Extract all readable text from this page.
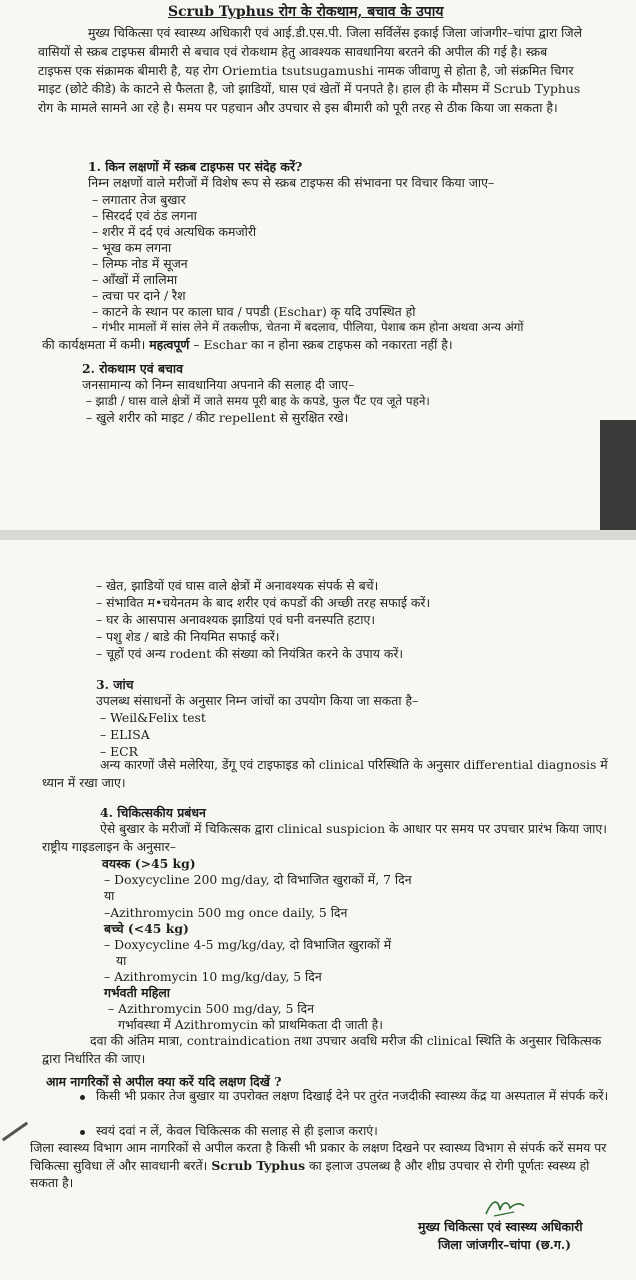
Scrub Typhus रोग के रोकथाम, बचाव के उपाय
मुख्य चिकित्सा एवं स्वास्थ्य अधिकारी एवं आई.डी.एस.पी. जिला सर्विलेंस इकाई जिला जांजगीर–चांपा द्वारा जिले वासियों से स्क्रब टाइफस बीमारी से बचाव एवं रोकथाम हेतु आवश्यक सावधानिया बरतने की अपील की गई है। स्क्रब टाइफस एक संक्रामक बीमारी है, यह रोग Oriemtia tsutsugamushi नामक जीवाणु से होता है, जो संक्रमित चिगर माइट (छोटे कीडे) के काटने से फैलता है, जो झाडियों, घास एवं खेतों में पनपते है। हाल ही के मौसम में Scrub Typhus रोग के मामले सामने आ रहे है। समय पर पहचान और उपचार से इस बीमारी को पूरी तरह से ठीक किया जा सकता है।
1. किन लक्षणों में स्क्रब टाइफस पर संदेह करें?
निम्न लक्षणों वाले मरीजों में विशेष रूप से स्क्रब टाइफस की संभावना पर विचार किया जाए–
– लगातार तेज बुखार
– सिरदर्द एवं ठंड लगना
– शरीर में दर्द एवं अत्यधिक कमजोरी
– भूख कम लगना
– लिम्फ नोड में सूजन
– आँखों में लालिमा
– त्वचा पर दाने / रैश
– काटने के स्थान पर काला घाव / पपडी (Eschar) कृ यदि उपस्थित हो
– गंभीर मामलों में सांस लेने में तकलीफ, चेतना में बदलाव, पीलिया, पेशाब कम होना अथवा अन्य अंगों
की कार्यक्षमता में कमी। महत्वपूर्ण – Eschar का न होना स्क्रब टाइफस को नकारता नहीं है।
2. रोकथाम एवं बचाव
जनसामान्य को निम्न सावधानिया अपनाने की सलाह दी जाए–
– झाडी / घास वाले क्षेत्रों में जाते समय पूरी बाह के कपडे, फुल पैंट एव जूते पहने।
– खुले शरीर को माइट / कीट repellent से सुरक्षित रखे।
– खेत, झाडियों एवं घास वाले क्षेत्रों में अनावश्यक संपर्क से बचें।
– संभावित म•चयेनतम के बाद शरीर एवं कपडों की अच्छी तरह सफाई करें।
– घर के आसपास अनावश्यक झाडियां एवं घनी वनस्पति हटाए।
– पशु शेड / बाडे की नियमित सफाई करें।
– चूहों एवं अन्य rodent की संख्या को नियंत्रित करने के उपाय करें।
3. जांच
उपलब्ध संसाधनों के अनुसार निम्न जांचों का उपयोग किया जा सकता है–
– Weil&Felix test
– ELISA
– ECR
अन्य कारणों जैसे मलेरिया, डेंगू एवं टाइफाइड को clinical परिस्थिति के अनुसार differential diagnosis में ध्यान में रखा जाए।
4. चिकित्सकीय प्रबंधन
ऐसे बुखार के मरीजों में चिकित्सक द्वारा clinical suspicion के आधार पर समय पर उपचार प्रारंभ किया जाए। राष्ट्रीय गाइडलाइन के अनुसार–
वयस्क (>45 kg)
– Doxycycline 200 mg/day, दो विभाजित खुराकों में, 7 दिन
या
–Azithromycin 500 mg once daily, 5 दिन
बच्चे (<45 kg)
– Doxycycline 4-5 mg/kg/day, दो विभाजित खुराकों में
या
– Azithromycin 10 mg/kg/day, 5 दिन
गर्भवती महिला
– Azithromycin 500 mg/day, 5 दिन
गर्भावस्था में Azithromycin को प्राथमिकता दी जाती है।
दवा की अंतिम मात्रा, contraindication तथा उपचार अवधि मरीज की clinical स्थिति के अनुसार चिकित्सक द्वारा निर्धारित की जाए।
आम नागरिकों से अपील क्या करें यदि लक्षण दिखें ?
किसी भी प्रकार तेज बुखार या उपरोक्त लक्षण दिखाई देने पर तुरंत नजदीकी स्वास्थ्य केंद्र या अस्पताल में संपर्क करें।
स्वयं दवां न लें, केवल चिकित्सक की सलाह से ही इलाज कराएं।
जिला स्वास्थ्य विभाग आम नागरिकों से अपील करता है किसी भी प्रकार के लक्षण दिखने पर स्वास्थ्य विभाग से संपर्क करें समय पर चिकित्सा सुविधा लें और सावधानी बरतें। Scrub Typhus का इलाज उपलब्ध है और शीघ्र उपचार से रोगी पूर्णतः स्वस्थ्य हो सकता है।
मुख्य चिकित्सा एवं स्वास्थ्य अधिकारी
जिला जांजगीर–चांपा (छ.ग.)
